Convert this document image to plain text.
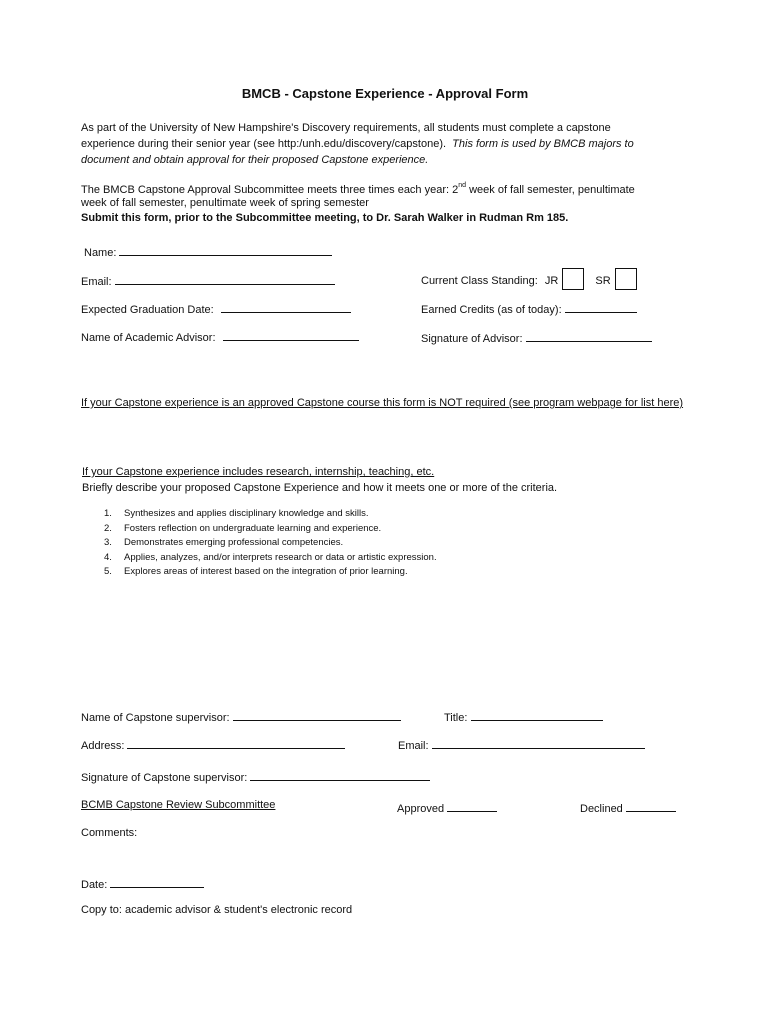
BMCB - Capstone Experience - Approval Form
As part of the University of New Hampshire's Discovery requirements, all students must complete a capstone
experience during their senior year (see http:/unh.edu/discovery/capstone). This form is used by BMCB majors to
document and obtain approval for their proposed Capstone experience.
The BMCB Capstone Approval Subcommittee meets three times each year: 2nd week of fall semester, penultimate
week of fall semester, penultimate week of spring semester
Submit this form, prior to the Subcommittee meeting, to Dr. Sarah Walker in Rudman Rm 185.
Name:
Email:	Current Class Standing: JR	SR
Expected Graduation Date:	Earned Credits (as of today):
Name of Academic Advisor:	Signature of Advisor:
If your Capstone experience is an approved Capstone course this form is NOT required (see program webpage for list here)
If your Capstone experience includes research, internship, teaching, etc.
Briefly describe your proposed Capstone Experience and how it meets one or more of the criteria.
1. Synthesizes and applies disciplinary knowledge and skills.
2. Fosters reflection on undergraduate learning and experience.
3. Demonstrates emerging professional competencies.
4. Applies, analyzes, and/or interprets research or data or artistic expression.
5. Explores areas of interest based on the integration of prior learning.
Name of Capstone supervisor:	Title:
Address:	Email:
Signature of Capstone supervisor:
BCMB Capstone Review Subcommittee	Approved	Declined
Comments:
Date:
Copy to: academic advisor & student's electronic record
